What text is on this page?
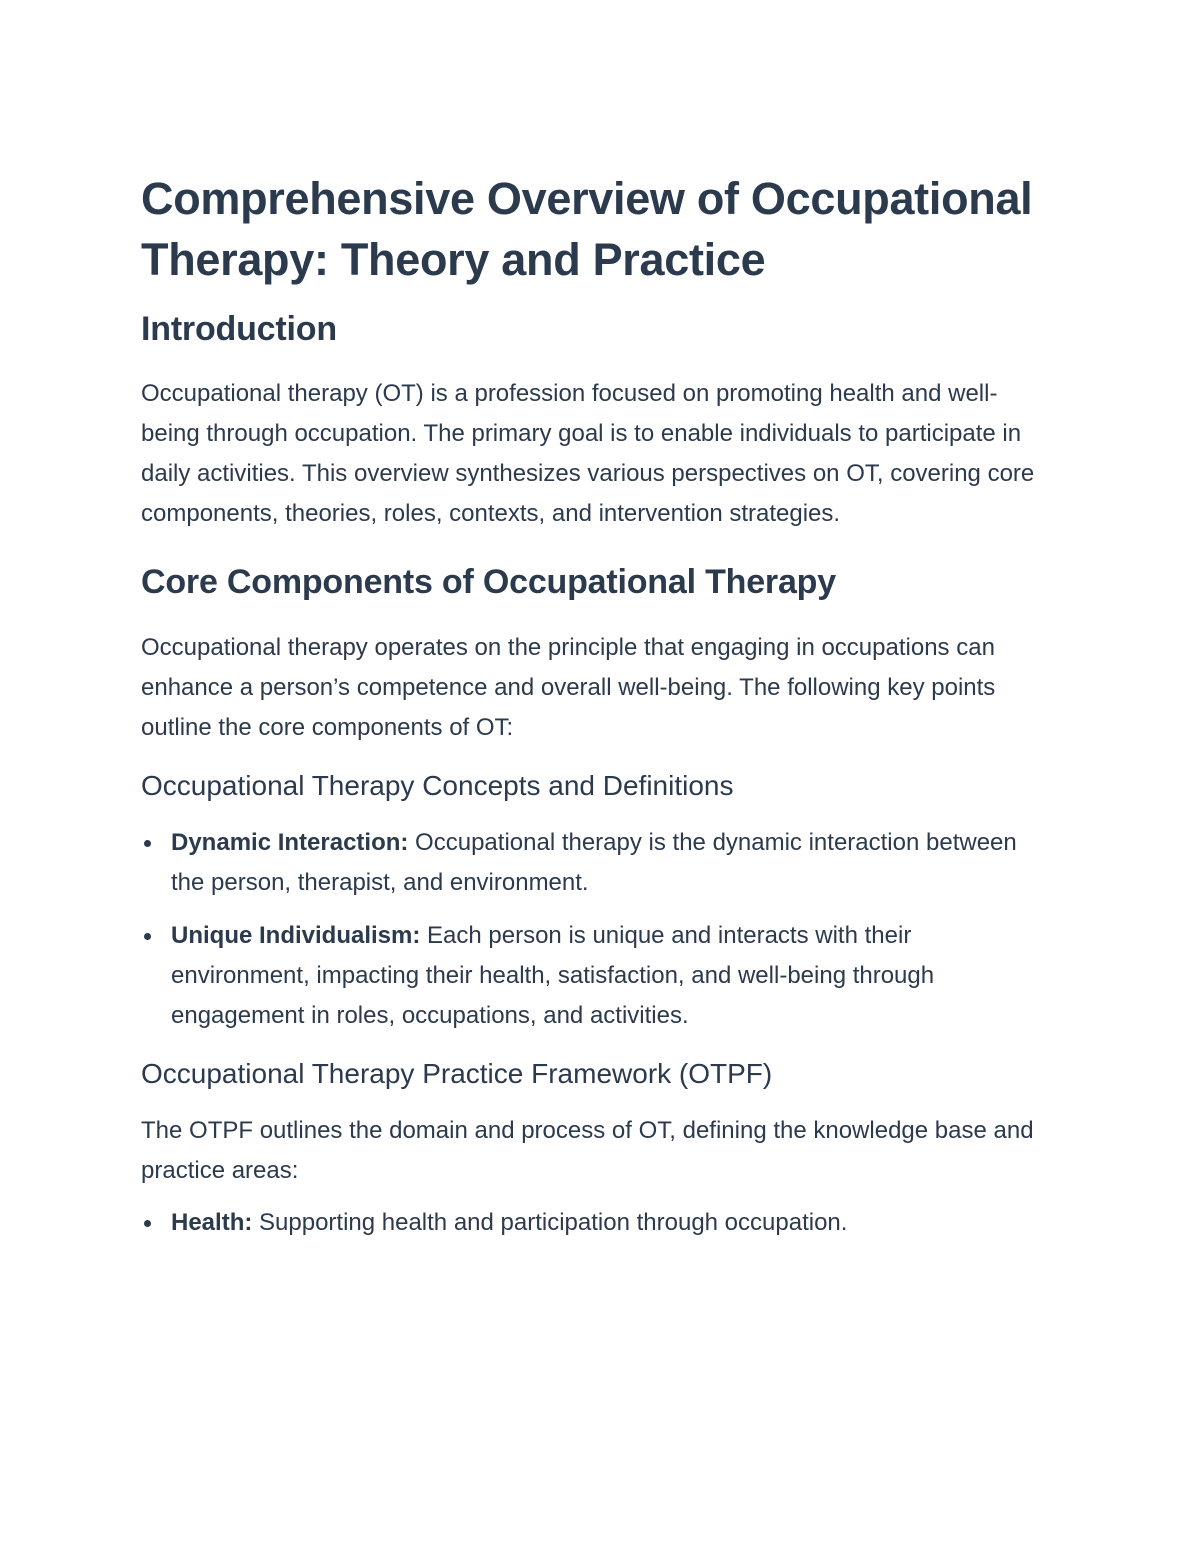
Comprehensive Overview of Occupational Therapy: Theory and Practice
Introduction

Occupational therapy (OT) is a profession focused on promoting health and well-being through occupation. The primary goal is to enable individuals to participate in daily activities. This overview synthesizes various perspectives on OT, covering core components, theories, roles, contexts, and intervention strategies.

Core Components of Occupational Therapy

Occupational therapy operates on the principle that engaging in occupations can enhance a person’s competence and overall well-being. The following key points outline the core components of OT:

Occupational Therapy Concepts and Definitions
Dynamic Interaction: Occupational therapy is the dynamic interaction between the person, therapist, and environment.
Unique Individualism: Each person is unique and interacts with their environment, impacting their health, satisfaction, and well-being through engagement in roles, occupations, and activities.
Occupational Therapy Practice Framework (OTPF)

The OTPF outlines the domain and process of OT, defining the knowledge base and practice areas:

Health: Supporting health and participation through occupation.
